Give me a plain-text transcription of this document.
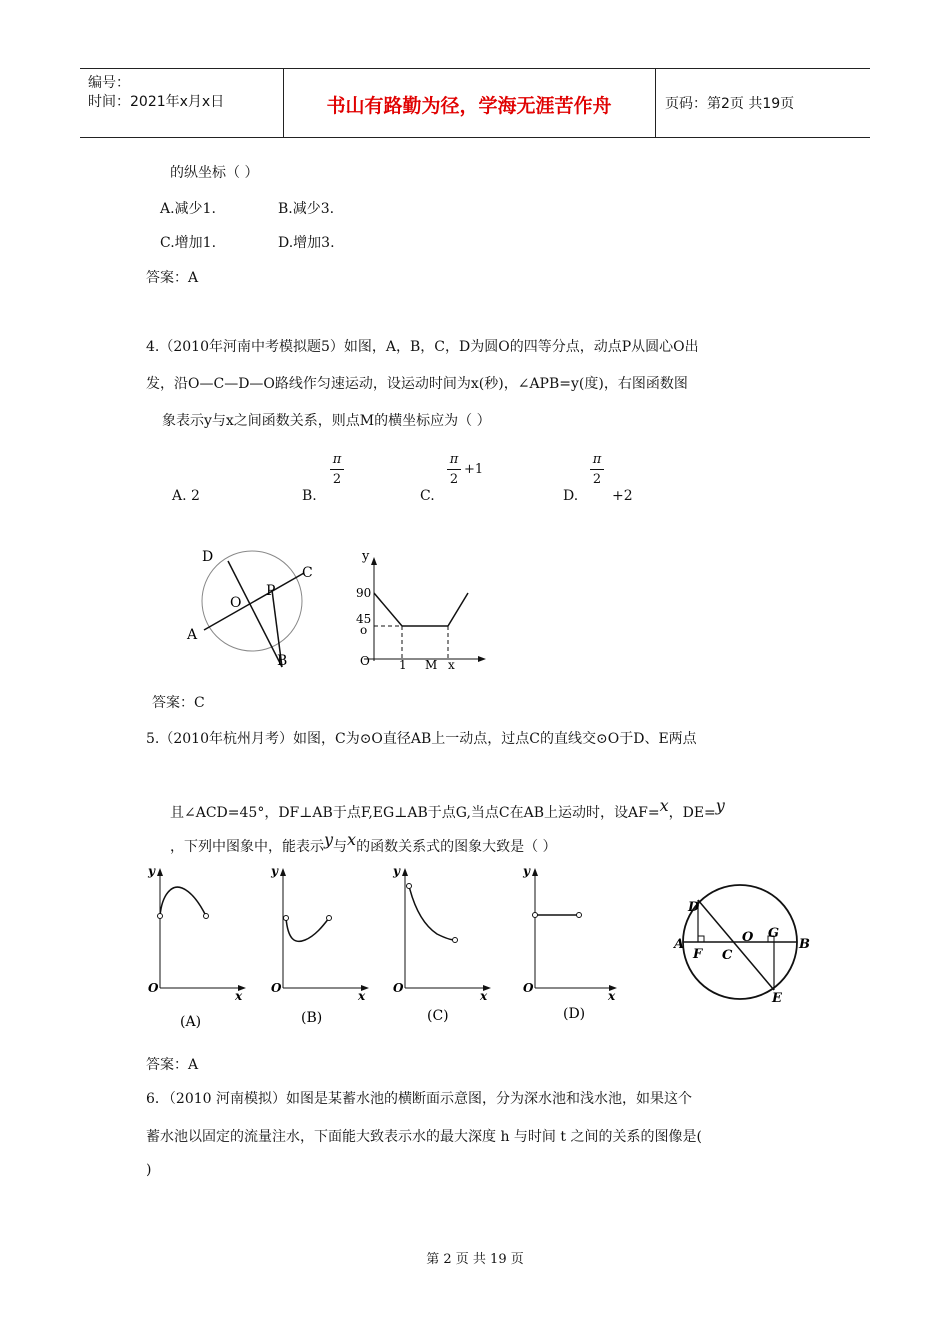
编号：
时间：2021年x月x日	书山有路勤为径，学海无涯苦作舟	页码：第2页 共19页
的纵坐标（ ）
A.减少1.	B.减少3.
C.增加1.	D.增加3.
答案：A
4.（2010年河南中考模拟题5）如图，A，B，C，D为圆O的四等分点，动点P从圆心O出
发，沿O—C—D—O路线作匀速运动，设运动时间为x(秒)，∠APB=y(度)，右图函数图
象表示y与x之间函数关系，则点M的横坐标应为（ ）
A. 2	B.
π
2
C.
π
2
+1
D.
π
2
+2
D
C
O
P
A
B
y
90
45
o
O 1 M x
答案：C
5.（2010年杭州月考）如图，C为⊙O直径AB上一动点，过点C的直线交⊙O于D、E两点
且∠ACD=45°，DF⊥AB于点F,EG⊥AB于点G,当点C在AB上运动时，设AF=x，DE=y
，下列中图象中，能表示y与x的函数关系式的图象大致是（ ）
y
O
x
(A)
y
O
x
(B)
y
O
x
(C)
y
O
x
(D)
D
A
F C
O G
B
E
答案：A
6．（2010 河南模拟）如图是某蓄水池的横断面示意图，分为深水池和浅水池，如果这个
蓄水池以固定的流量注水，下面能大致表示水的最大深度 h 与时间 t 之间的关系的图像是(
)
第 2 页 共 19 页
